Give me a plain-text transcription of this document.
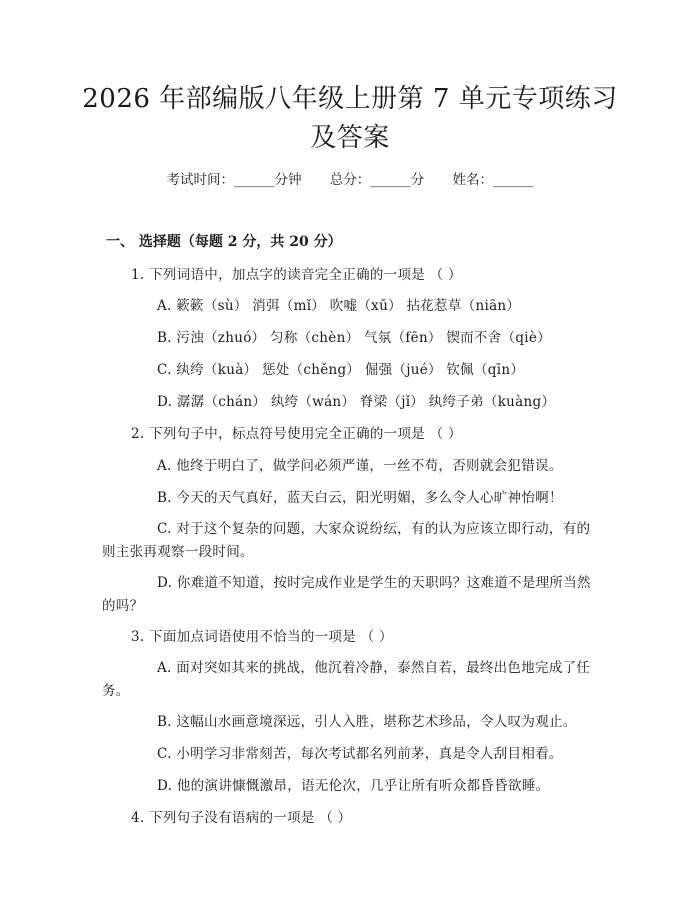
2026 年部编版八年级上册第 7 单元专项练习
及答案
考试时间：______分钟 总分：______分 姓名：______
一、 选择题（每题 2 分，共 20 分）
1. 下列词语中，加点字的读音完全正确的一项是 （ ）
A. 簌簌（sù） 消弭（mǐ） 吹嘘（xū） 拈花惹草（niān）
B. 污浊（zhuó） 匀称（chèn） 气氛（fēn） 锲而不舍（qiè）
C. 纨绔（kuà） 惩处（chěng） 倔强（jué） 钦佩（qīn）
D. 潺潺（chán） 纨绔（wán） 脊梁（jǐ） 纨绔子弟（kuàng）
2. 下列句子中，标点符号使用完全正确的一项是 （ ）
A. 他终于明白了，做学问必须严谨，一丝不苟，否则就会犯错误。
B. 今天的天气真好，蓝天白云，阳光明媚，多么令人心旷神怡啊！
C. 对于这个复杂的问题，大家众说纷纭，有的认为应该立即行动，有的
则主张再观察一段时间。
D. 你难道不知道，按时完成作业是学生的天职吗？这难道不是理所当然
的吗？
3. 下面加点词语使用不恰当的一项是 （ ）
A. 面对突如其来的挑战，他沉着冷静，泰然自若，最终出色地完成了任
务。
B. 这幅山水画意境深远，引人入胜，堪称艺术珍品，令人叹为观止。
C. 小明学习非常刻苦，每次考试都名列前茅，真是令人刮目相看。
D. 他的演讲慷慨激昂，语无伦次，几乎让所有听众都昏昏欲睡。
4. 下列句子没有语病的一项是 （ ）
